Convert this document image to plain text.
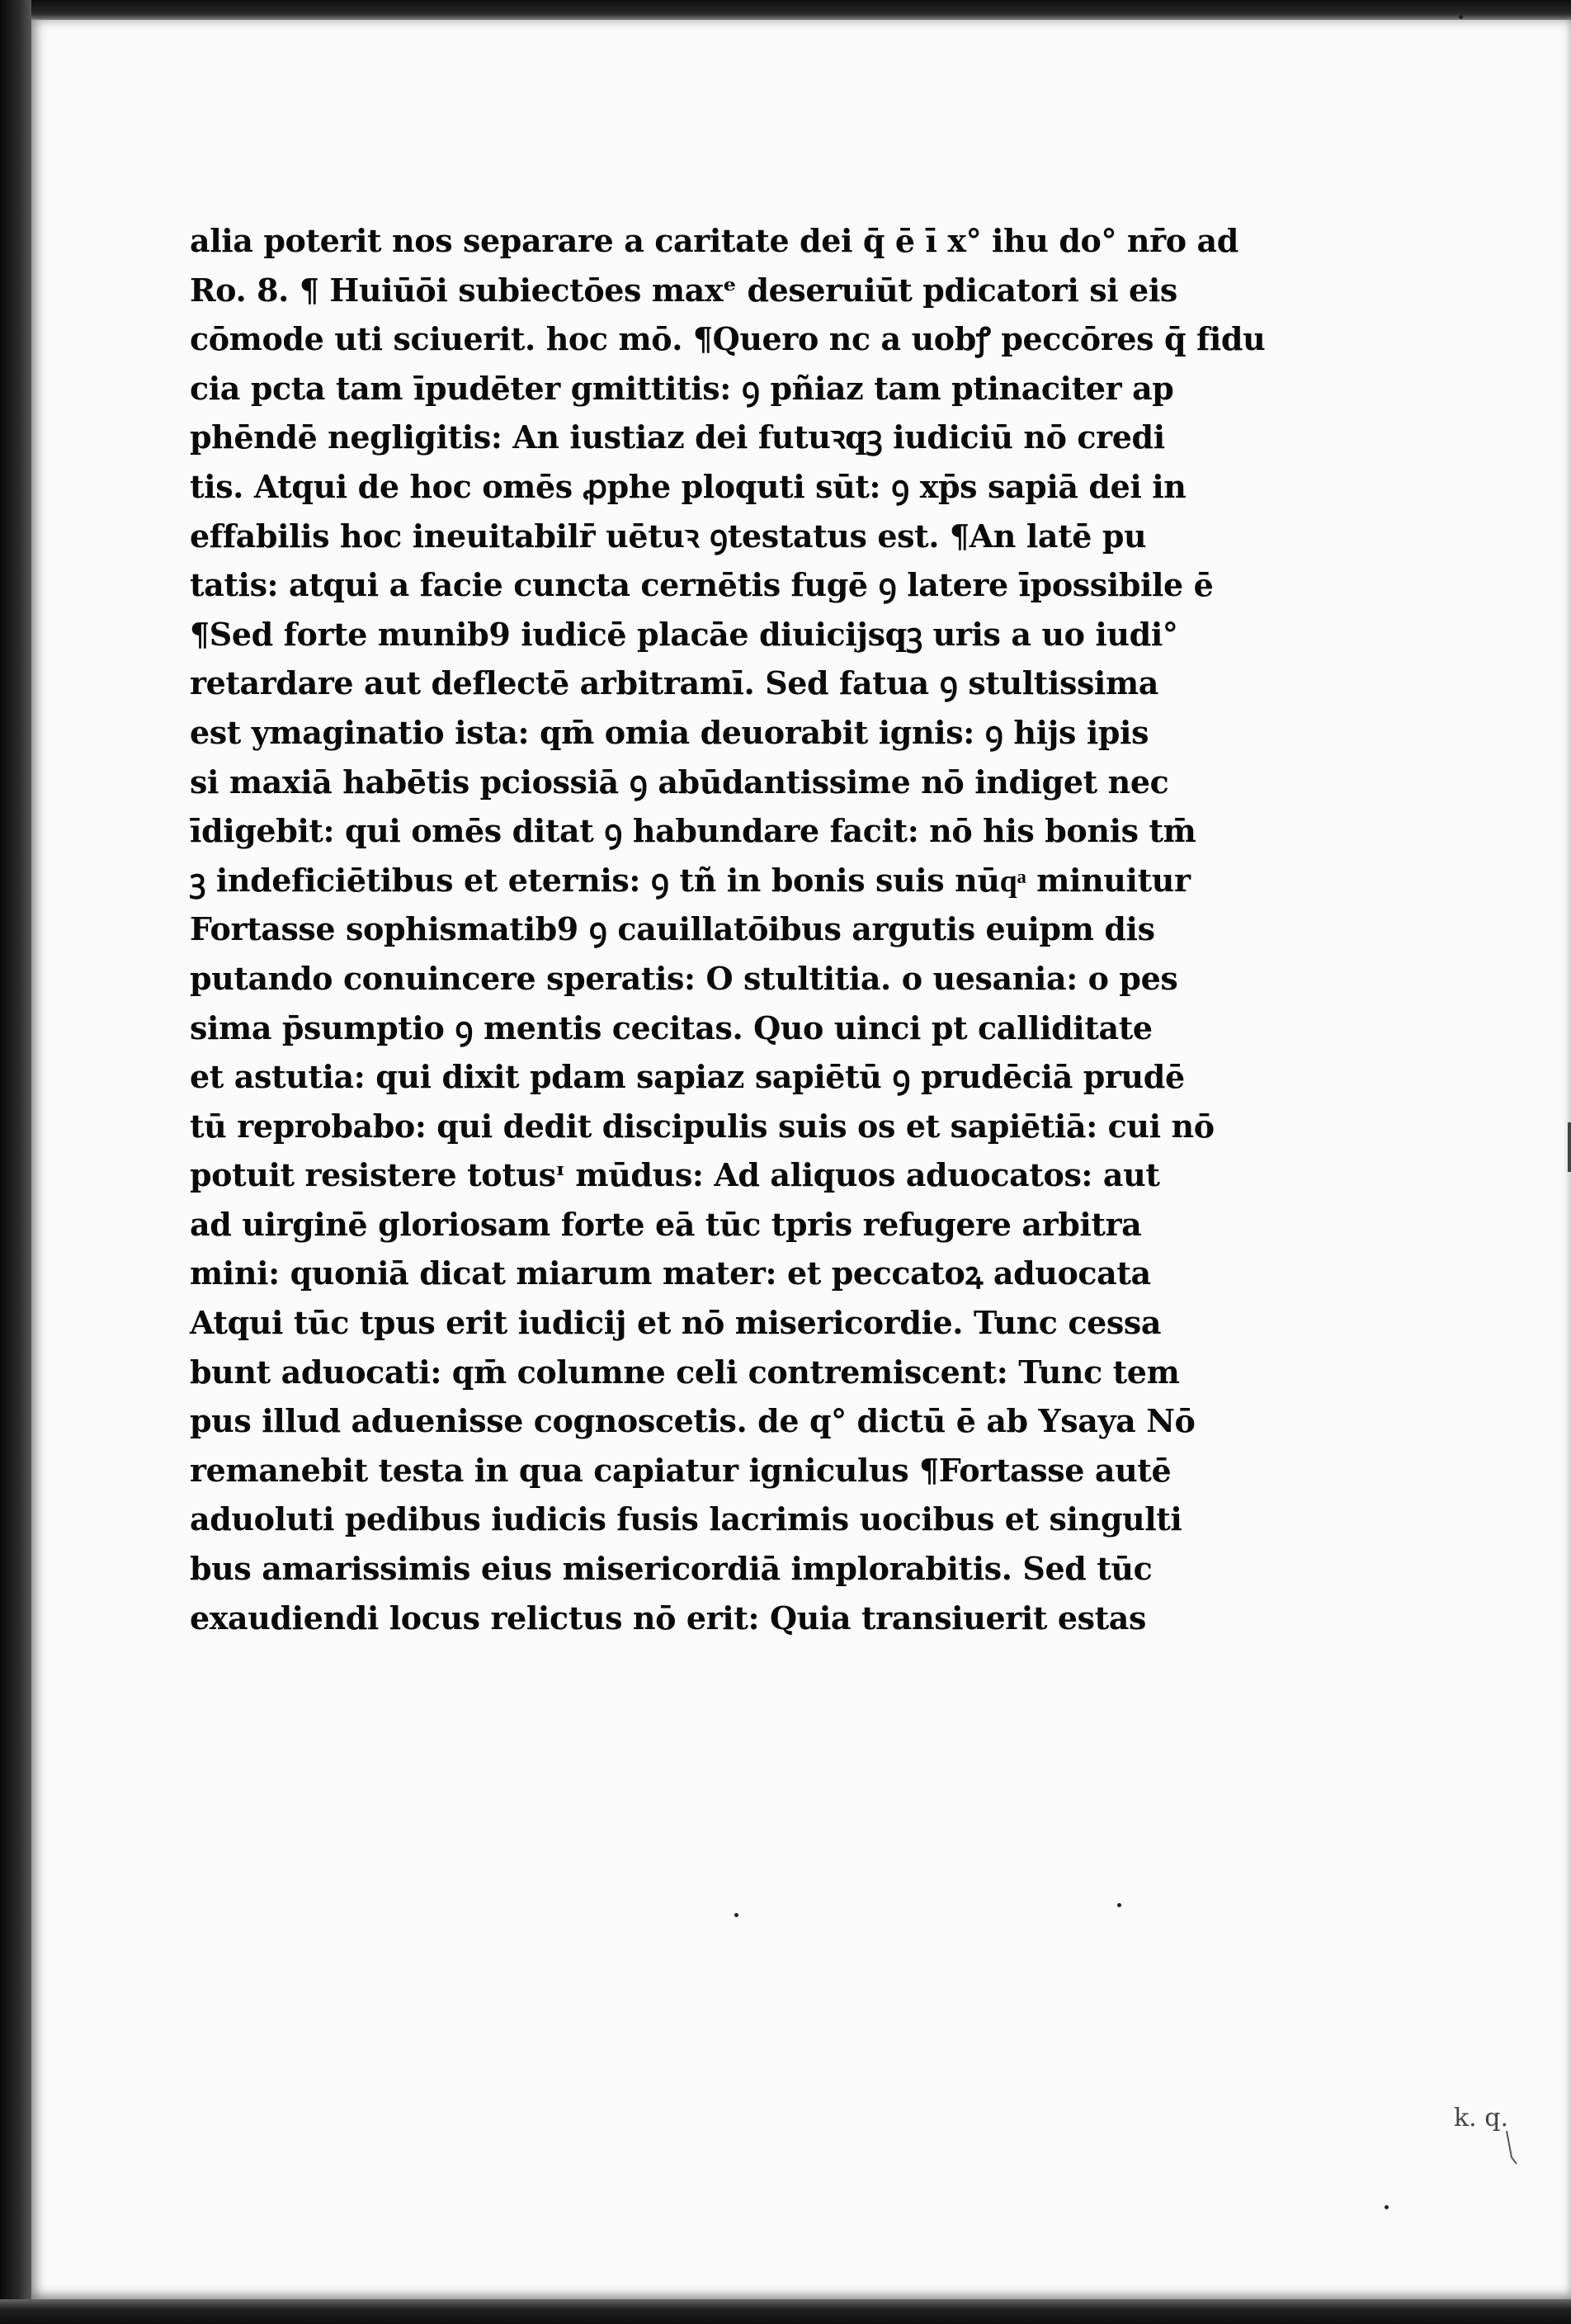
alia poterit nos separare a caritate dei q̄ ē ī x° ihu do° nr̄o ad
Ro. 8. ¶ Huiūōi subiectōes maxᵉ deseruiūt pdicatori si eis
cōmode uti sciuerit. hoc mō. ¶Quero nc a uobꝭ peccōres q̄ fidu
cia pcta tam īpudēter gmittitis: ꝯ pñiaz tam ptinaciter ap
phēndē negligitis: An iustiaz dei futuꝛqꝫ iudiciū nō credi
tis. Atqui de hoc omēs ꝓphe ploquti sūt: ꝯ xp̄s sapiā dei in
effabilis hoc ineuitabilr̄ uētuꝛ ꝯtestatus est. ¶An latē pu
tatis: atqui a facie cuncta cernētis fugē ꝯ latere īpossibile ē
¶Sed forte munib9 iudicē placāe diuicijsqꝫ uris a uo iudi°
retardare aut deflectē arbitramī. Sed fatua ꝯ stultissima
est ymaginatio ista: qm̄ omia deuorabit ignis: ꝯ hijs ipis
si maxiā habētis pciossiā ꝯ abūdantissime nō indiget nec
īdigebit: qui omēs ditat ꝯ habundare facit: nō his bonis tm̄
ꝫ indeficiētibus et eternis: ꝯ tñ in bonis suis nūqͣ minuitur
Fortasse sophismatib9 ꝯ cauillatōibus argutis euipm dis
putando conuincere speratis: O stultitia. o uesania: o pes
sima p̄sumptio ꝯ mentis cecitas. Quo uinci pt calliditate
et astutia: qui dixit pdam sapiaz sapiētū ꝯ prudēciā prudē
tū reprobabo: qui dedit discipulis suis os et sapiētiā: cui nō
potuit resistere totusᶦ mūdus: Ad aliquos aduocatos: aut
ad uirginē gloriosam forte eā tūc tpris refugere arbitra
mini: quoniā dicat miarum mater: et peccatoꝝ aduocata
Atqui tūc tpus erit iudicij et nō misericordie. Tunc cessa
bunt aduocati: qm̄ columne celi contremiscent: Tunc tem
pus illud aduenisse cognoscetis. de q° dictū ē ab Ysaya Nō
remanebit testa in qua capiatur igniculus ¶Fortasse autē
aduoluti pedibus iudicis fusis lacrimis uocibus et singulti
bus amarissimis eius misericordiā implorabitis. Sed tūc
exaudiendi locus relictus nō erit: Quia transiuerit estas
k. q.
